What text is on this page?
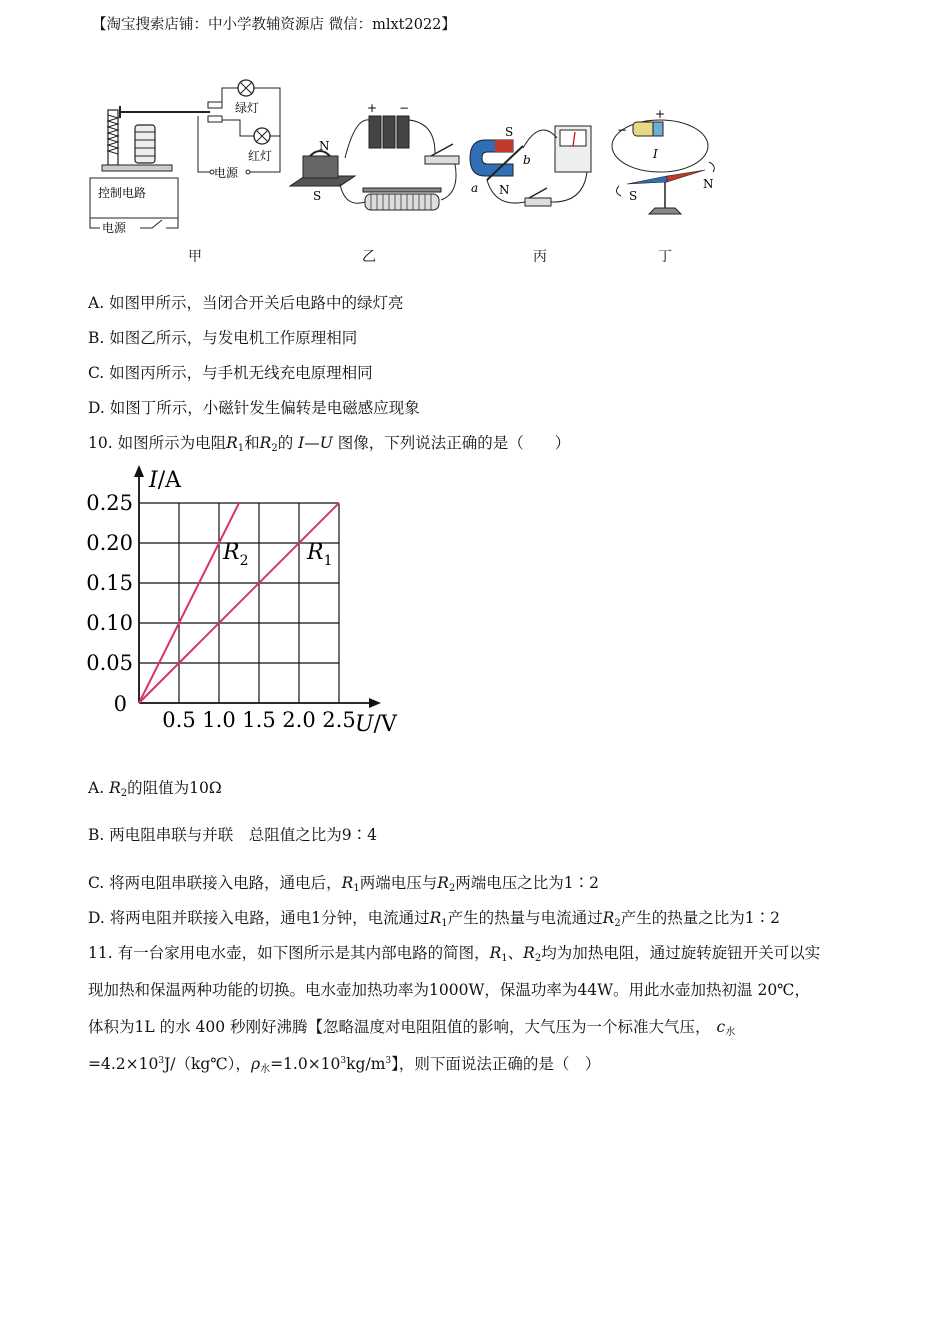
【淘宝搜索店铺：中小学教辅资源店 微信：mlxt2022】
绿灯
红灯
电源
控制电路
电源
甲
N
S
+ −
乙
S
N
a
b
丙
+
−
I
S
N
丁
A. 如图甲所示，当闭合开关后电路中的绿灯亮
B. 如图乙所示，与发电机工作原理相同
C. 如图丙所示，与手机无线充电原理相同
D. 如图丁所示，小磁针发生偏转是电磁感应现象
10. 如图所示为电阻$R_1$和$R_2$的 I—U 图像，下列说法正确的是（　　）
0.5 1.0 1.5 2.0 2.5
0.25
0.20
0.15
0.10
0.05
0
I/A
U/V
$R_2$	$R_1$
A. $R_2$的阻值为10Ω
B. 两电阻串联与并联　总阻值之比为9∶4
C. 将两电阻串联接入电路，通电后，$R_1$两端电压与$R_2$两端电压之比为1∶2
D. 将两电阻并联接入电路，通电1分钟，电流通过$R_1$产生的热量与电流通过$R_2$产生的热量之比为1∶2
11. 有一台家用电水壶，如下图所示是其内部电路的简图，$R_1$、$R_2$均为加热电阻，通过旋转旋钮开关可以实
现加热和保温两种功能的切换。电水壶加热功率为1000W，保温功率为44W。用此水壶加热初温 20℃，
体积为1L 的水 400 秒刚好沸腾【忽略温度对电阻阻值的影响，大气压为一个标准大气压， $c_水$
$=4.2\times 10^3J/(kg℃)$，$\rho_水=1.0\times 10^3kg/m^3$】，则下面说法正确的是（　）
